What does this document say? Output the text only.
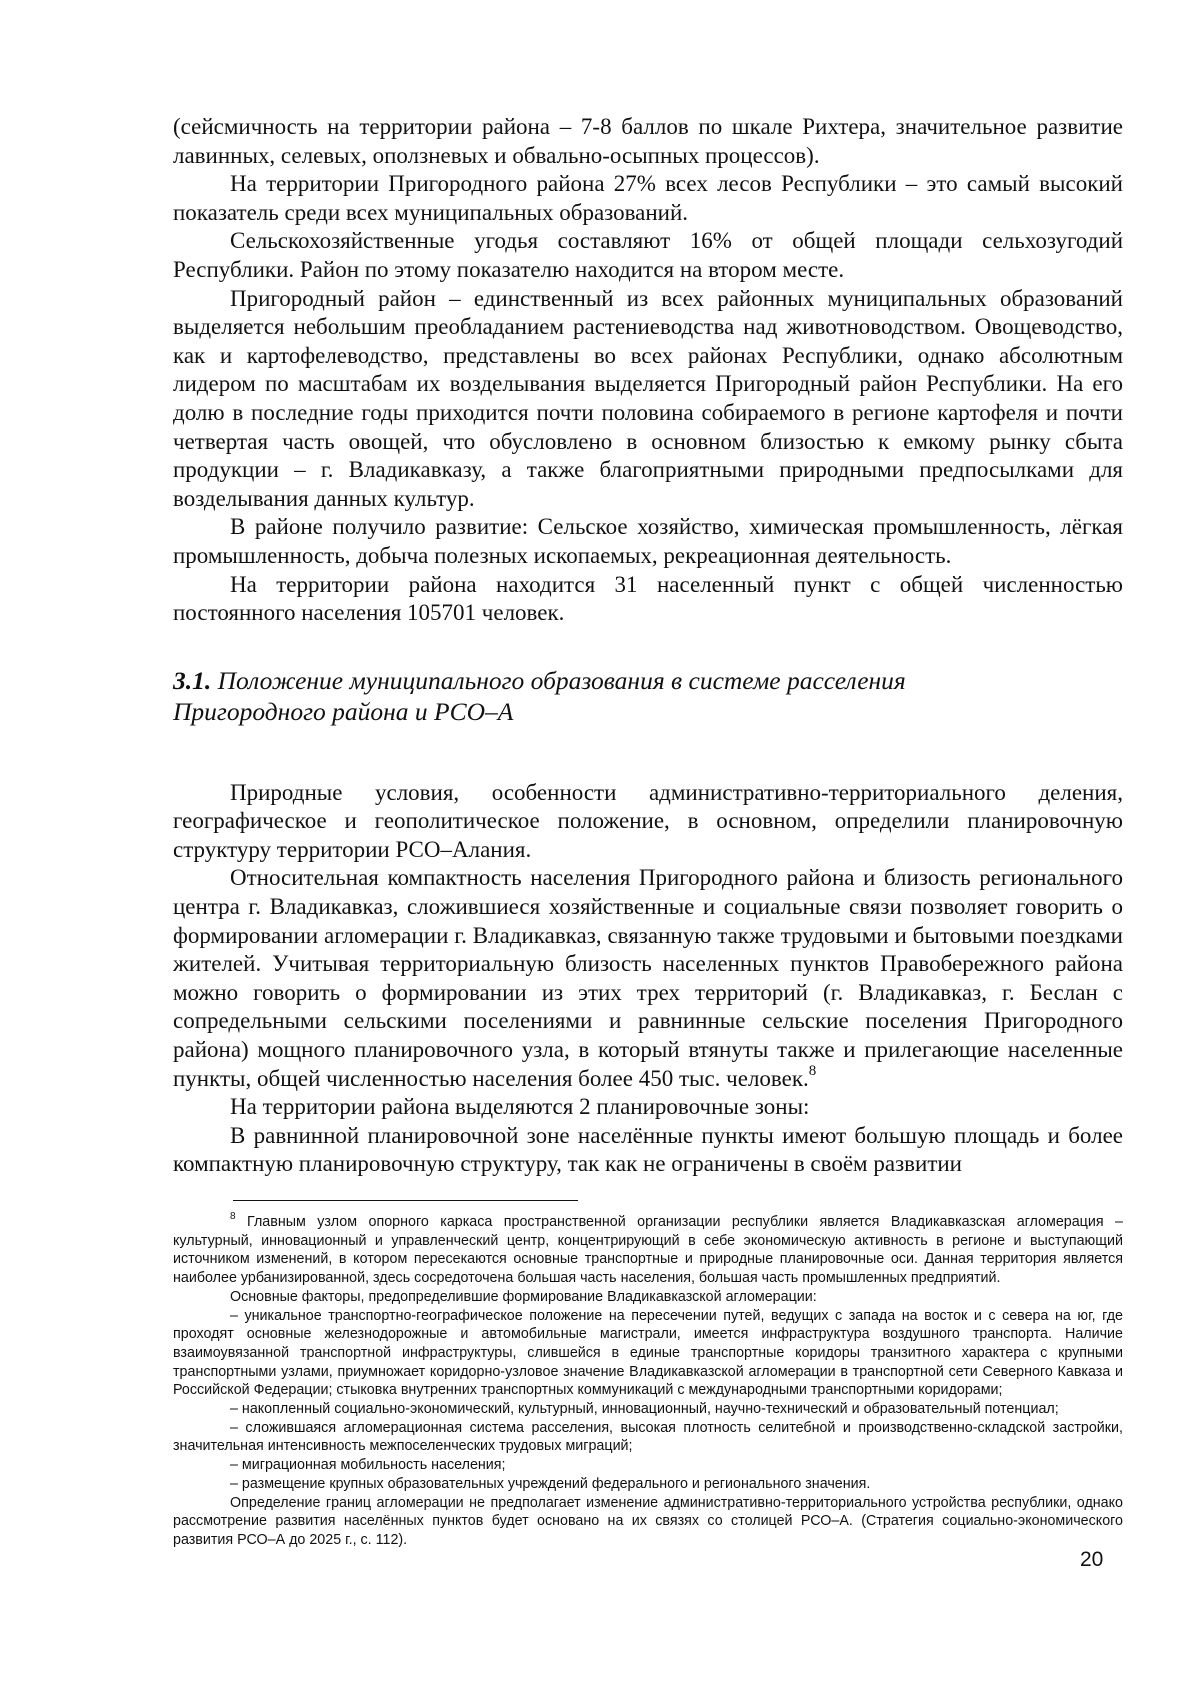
(сейсмичность на территории района – 7-8 баллов по шкале Рихтера, значительное развитие лавинных, селевых, оползневых и обвально-осыпных процессов).

На территории Пригородного района 27% всех лесов Республики – это самый высокий показатель среди всех муниципальных образований.

Сельскохозяйственные угодья составляют 16% от общей площади сельхозугодий Республики. Район по этому показателю находится на втором месте.

Пригородный район – единственный из всех районных муниципальных образований выделяется небольшим преобладанием растениеводства над животноводством. Овощеводство, как и картофелеводство, представлены во всех районах Республики, однако абсолютным лидером по масштабам их возделывания выделяется Пригородный район Республики. На его долю в последние годы приходится почти половина собираемого в регионе картофеля и почти четвертая часть овощей, что обусловлено в основном близостью к емкому рынку сбыта продукции – г. Владикавказу, а также благоприятными природными предпосылками для возделывания данных культур.

В районе получило развитие: Сельское хозяйство, химическая промышленность, лёгкая промышленность, добыча полезных ископаемых, рекреационная деятельность.

На территории района находится 31 населенный пункт с общей численностью постоянного населения 105701 человек.

3.1. Положение муниципального образования в системе расселения
Пригородного района и РСО–А

Природные условия, особенности административно-территориального деления, географическое и геополитическое положение, в основном, определили планировочную структуру территории РСО–Алания.

Относительная компактность населения Пригородного района и близость регионального центра г. Владикавказ, сложившиеся хозяйственные и социальные связи позволяет говорить о формировании агломерации г. Владикавказ, связанную также трудовыми и бытовыми поездками жителей. Учитывая территориальную близость населенных пунктов Правобережного района можно говорить о формировании из этих трех территорий (г. Владикавказ, г. Беслан с сопредельными сельскими поселениями и равнинные сельские поселения Пригородного района) мощного планировочного узла, в который втянуты также и прилегающие населенные пункты, общей численностью населения более 450 тыс. человек.$^8$

На территории района выделяются 2 планировочные зоны:

В равнинной планировочной зоне населённые пункты имеют большую площадь и более компактную планировочную структуру, так как не ограничены в своём развитии

$^8$ Главным узлом опорного каркаса пространственной организации республики является Владикавказская агломерация – культурный, инновационный и управленческий центр, концентрирующий в себе экономическую активность в регионе и выступающий источником изменений, в котором пересекаются основные транспортные и природные планировочные оси. Данная территория является наиболее урбанизированной, здесь сосредоточена большая часть населения, большая часть промышленных предприятий.

Основные факторы, предопределившие формирование Владикавказской агломерации:

– уникальное транспортно-географическое положение на пересечении путей, ведущих с запада на восток и с севера на юг, где проходят основные железнодорожные и автомобильные магистрали, имеется инфраструктура воздушного транспорта. Наличие взаимоувязанной транспортной инфраструктуры, слившейся в единые транспортные коридоры транзитного характера с крупными транспортными узлами, приумножает коридорно-узловое значение Владикавказской агломерации в транспортной сети Северного Кавказа и Российской Федерации; стыковка внутренних транспортных коммуникаций с международными транспортными коридорами;

– накопленный социально-экономический, культурный, инновационный, научно-технический и образовательный потенциал;

– сложившаяся агломерационная система расселения, высокая плотность селитебной и производственно-складской застройки, значительная интенсивность межпоселенческих трудовых миграций;

– миграционная мобильность населения;

– размещение крупных образовательных учреждений федерального и регионального значения.

Определение границ агломерации не предполагает изменение административно-территориального устройства республики, однако рассмотрение развития населённых пунктов будет основано на их связях со столицей РСО–А. (Стратегия социально-экономического развития РСО–А до 2025 г., с. 112).

20
